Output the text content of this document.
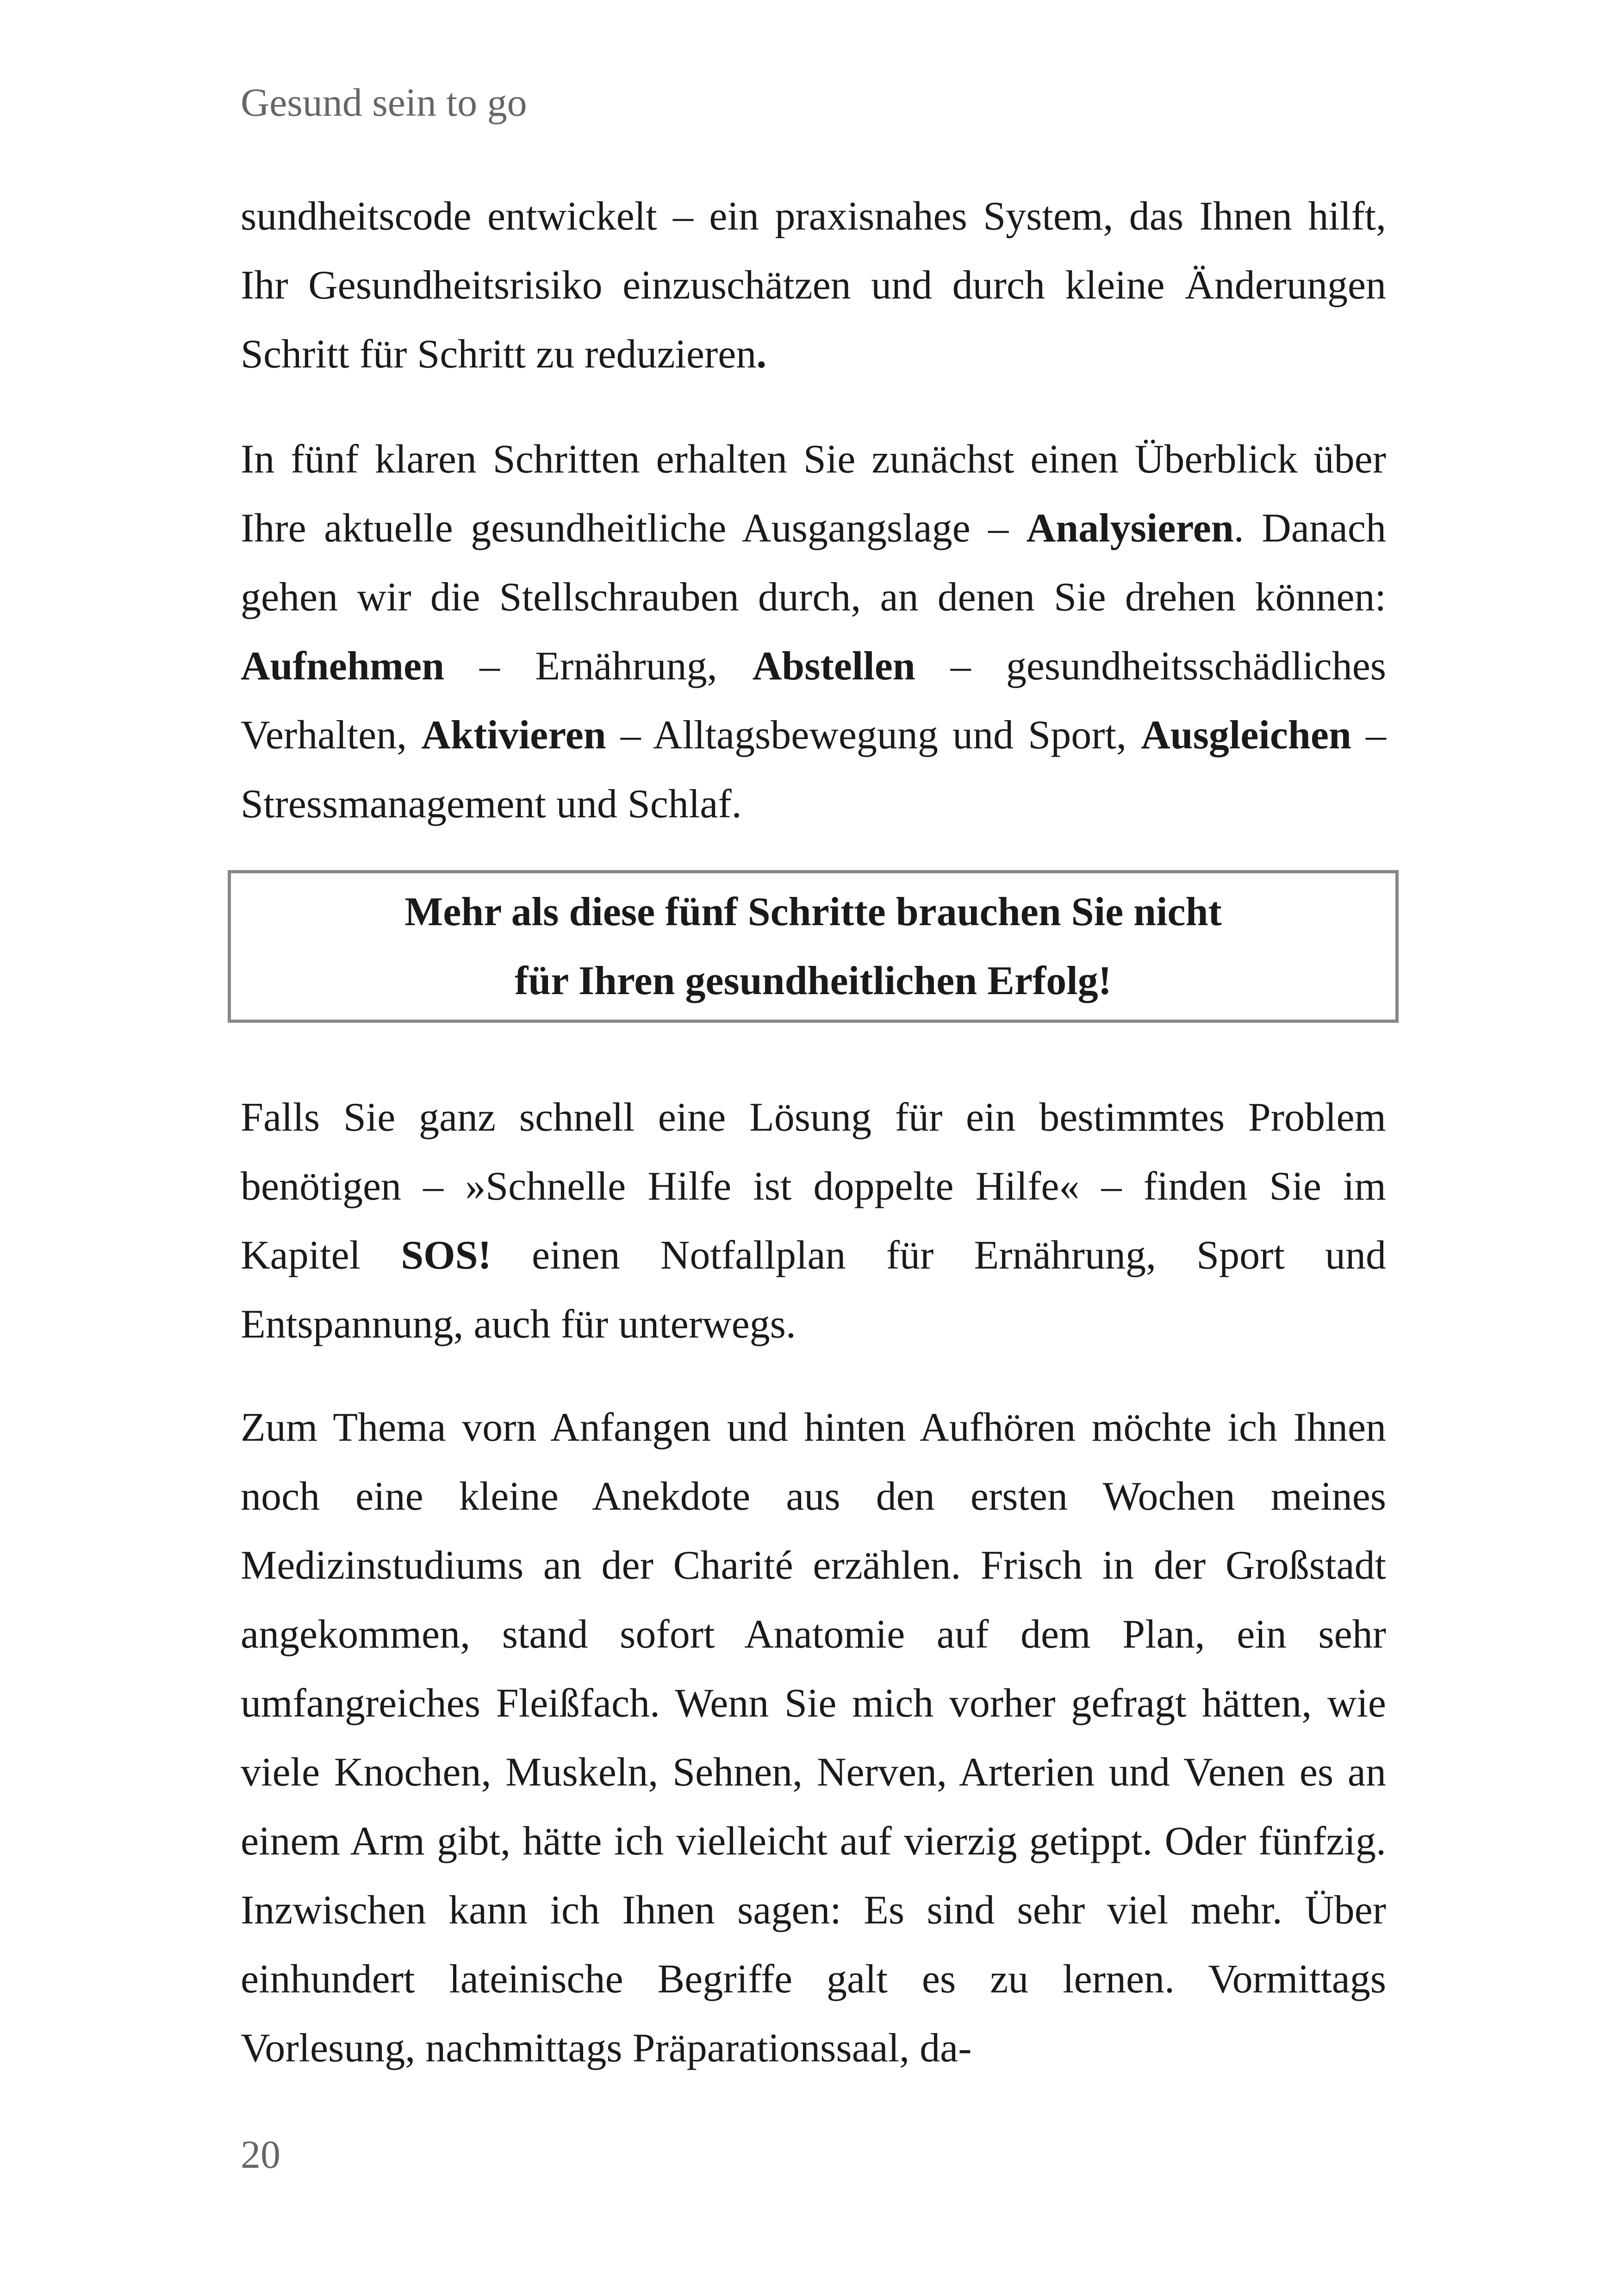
Gesund sein to go
sundheitscode entwickelt – ein praxisnahes System, das Ihnen hilft, Ihr Gesundheitsrisiko einzuschätzen und durch kleine Änderungen Schritt für Schritt zu reduzieren.
In fünf klaren Schritten erhalten Sie zunächst einen Überblick über Ihre aktuelle gesundheitliche Ausgangslage – Analysieren. Danach gehen wir die Stellschrauben durch, an denen Sie drehen können: Aufnehmen – Ernährung, Abstellen – gesundheitsschädliches Verhalten, Aktivieren – Alltagsbewegung und Sport, Ausgleichen – Stressmanagement und Schlaf.
Mehr als diese fünf Schritte brauchen Sie nicht
für Ihren gesundheitlichen Erfolg!
Falls Sie ganz schnell eine Lösung für ein bestimmtes Problem benötigen – »Schnelle Hilfe ist doppelte Hilfe« – finden Sie im Kapitel SOS! einen Notfallplan für Ernährung, Sport und Entspannung, auch für unterwegs.
Zum Thema vorn Anfangen und hinten Aufhören möchte ich Ihnen noch eine kleine Anekdote aus den ersten Wochen meines Medizinstudiums an der Charité erzählen. Frisch in der Großstadt angekommen, stand sofort Anatomie auf dem Plan, ein sehr umfangreiches Fleißfach. Wenn Sie mich vorher gefragt hätten, wie viele Knochen, Muskeln, Sehnen, Nerven, Arterien und Venen es an einem Arm gibt, hätte ich vielleicht auf vierzig getippt. Oder fünfzig. Inzwischen kann ich Ihnen sagen: Es sind sehr viel mehr. Über einhundert lateinische Begriffe galt es zu lernen. Vormittags Vorlesung, nachmittags Präparationssaal, da-
20
